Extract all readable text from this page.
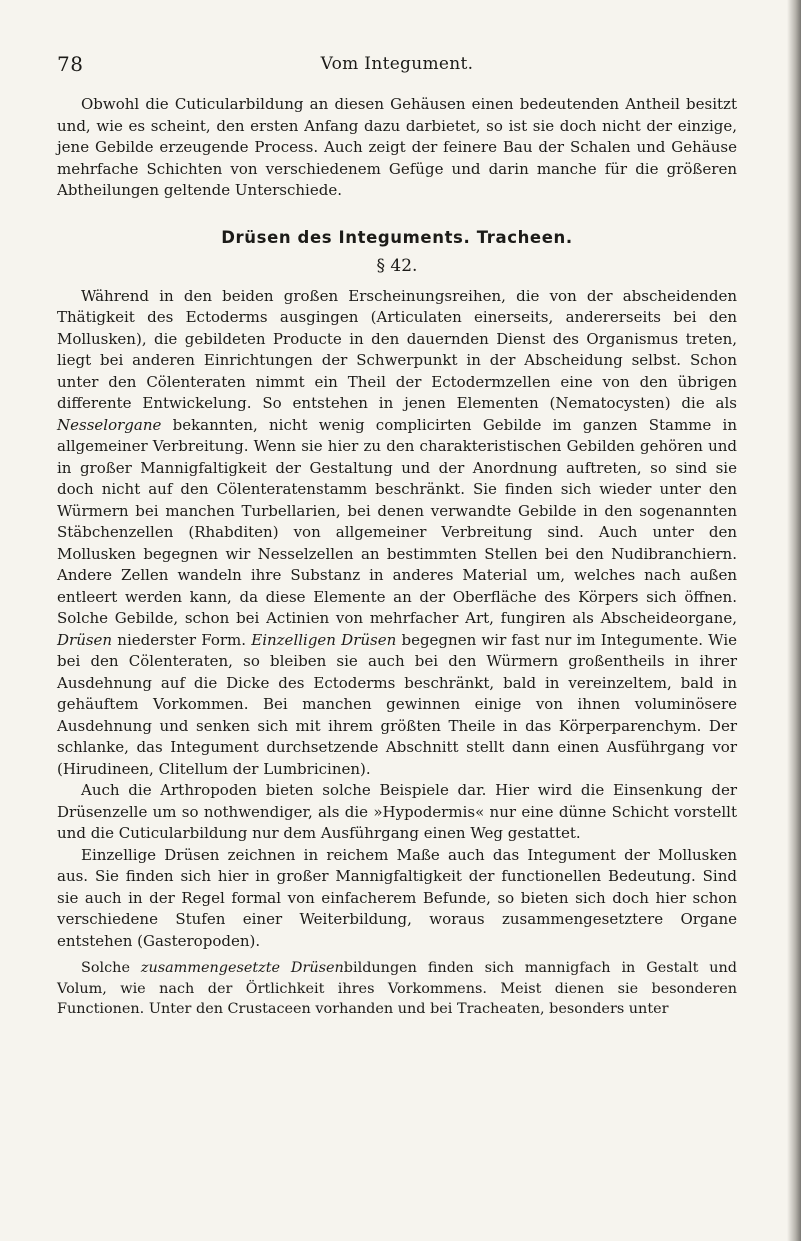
78	Vom Integument.

Obwohl die Cuticularbildung an diesen Gehäusen einen bedeutenden Antheil besitzt und, wie es scheint, den ersten Anfang dazu darbietet, so ist sie doch nicht der einzige, jene Gebilde erzeugende Process. Auch zeigt der feinere Bau der Schalen und Gehäuse mehrfache Schichten von verschiedenem Gefüge und darin manche für die größeren Abtheilungen geltende Unterschiede.

Drüsen des Integuments. Tracheen.
§ 42.

Während in den beiden großen Erscheinungsreihen, die von der abscheidenden Thätigkeit des Ectoderms ausgingen (Articulaten einerseits, andererseits bei den Mollusken), die gebildeten Producte in den dauernden Dienst des Organismus treten, liegt bei anderen Einrichtungen der Schwerpunkt in der Abscheidung selbst. Schon unter den Cölenteraten nimmt ein Theil der Ectodermzellen eine von den übrigen differente Entwickelung. So entstehen in jenen Elementen (Nematocysten) die als Nesselorgane bekannten, nicht wenig complicirten Gebilde im ganzen Stamme in allgemeiner Verbreitung. Wenn sie hier zu den charakteristischen Gebilden gehören und in großer Mannigfaltigkeit der Gestaltung und der Anordnung auftreten, so sind sie doch nicht auf den Cölenteratenstamm beschränkt. Sie finden sich wieder unter den Würmern bei manchen Turbellarien, bei denen verwandte Gebilde in den sogenannten Stäbchenzellen (Rhabditen) von allgemeiner Verbreitung sind. Auch unter den Mollusken begegnen wir Nesselzellen an bestimmten Stellen bei den Nudibranchiern. Andere Zellen wandeln ihre Substanz in anderes Material um, welches nach außen entleert werden kann, da diese Elemente an der Oberfläche des Körpers sich öffnen. Solche Gebilde, schon bei Actinien von mehrfacher Art, fungiren als Abscheideorgane, Drüsen niederster Form. Einzelligen Drüsen begegnen wir fast nur im Integumente. Wie bei den Cölenteraten, so bleiben sie auch bei den Würmern großentheils in ihrer Ausdehnung auf die Dicke des Ectoderms beschränkt, bald in vereinzeltem, bald in gehäuftem Vorkommen. Bei manchen gewinnen einige von ihnen voluminösere Ausdehnung und senken sich mit ihrem größten Theile in das Körperparenchym. Der schlanke, das Integument durchsetzende Abschnitt stellt dann einen Ausführgang vor (Hirudineen, Clitellum der Lumbricinen).

Auch die Arthropoden bieten solche Beispiele dar. Hier wird die Einsenkung der Drüsenzelle um so nothwendiger, als die »Hypodermis« nur eine dünne Schicht vorstellt und die Cuticularbildung nur dem Ausführgang einen Weg gestattet.

Einzellige Drüsen zeichnen in reichem Maße auch das Integument der Mollusken aus. Sie finden sich hier in großer Mannigfaltigkeit der functionellen Bedeutung. Sind sie auch in der Regel formal von einfacherem Befunde, so bieten sich doch hier schon verschiedene Stufen einer Weiterbildung, woraus zusammengesetztere Organe entstehen (Gasteropoden).

Solche zusammengesetzte Drüsenbildungen finden sich mannigfach in Gestalt und Volum, wie nach der Örtlichkeit ihres Vorkommens. Meist dienen sie besonderen Functionen. Unter den Crustaceen vorhanden und bei Tracheaten, besonders unter
